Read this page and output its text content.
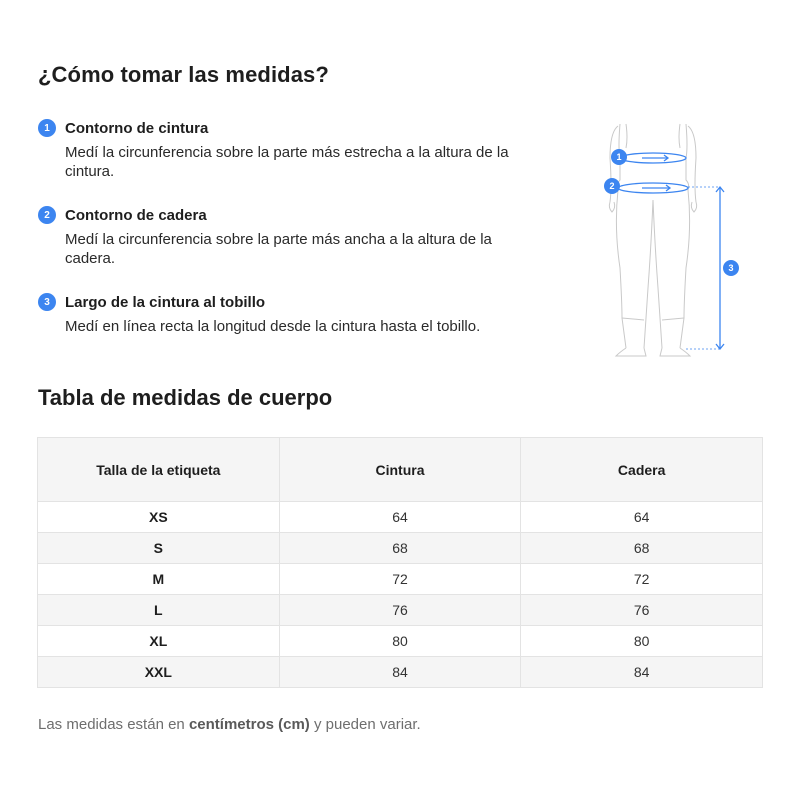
¿Cómo tomar las medidas?
1	Contorno de cintura
Medí la circunferencia sobre la parte más estrecha a la altura de la cintura.
2	Contorno de cadera
Medí la circunferencia sobre la parte más ancha a la altura de la cadera.
3	Largo de la cintura al tobillo
Medí en línea recta la longitud desde la cintura hasta el tobillo.
1
2
3
Tabla de medidas de cuerpo
Talla de la etiqueta	Cintura	Cadera
XS	64	64
S	68	68
M	72	72
L	76	76
XL	80	80
XXL	84	84
Las medidas están en centímetros (cm) y pueden variar.
